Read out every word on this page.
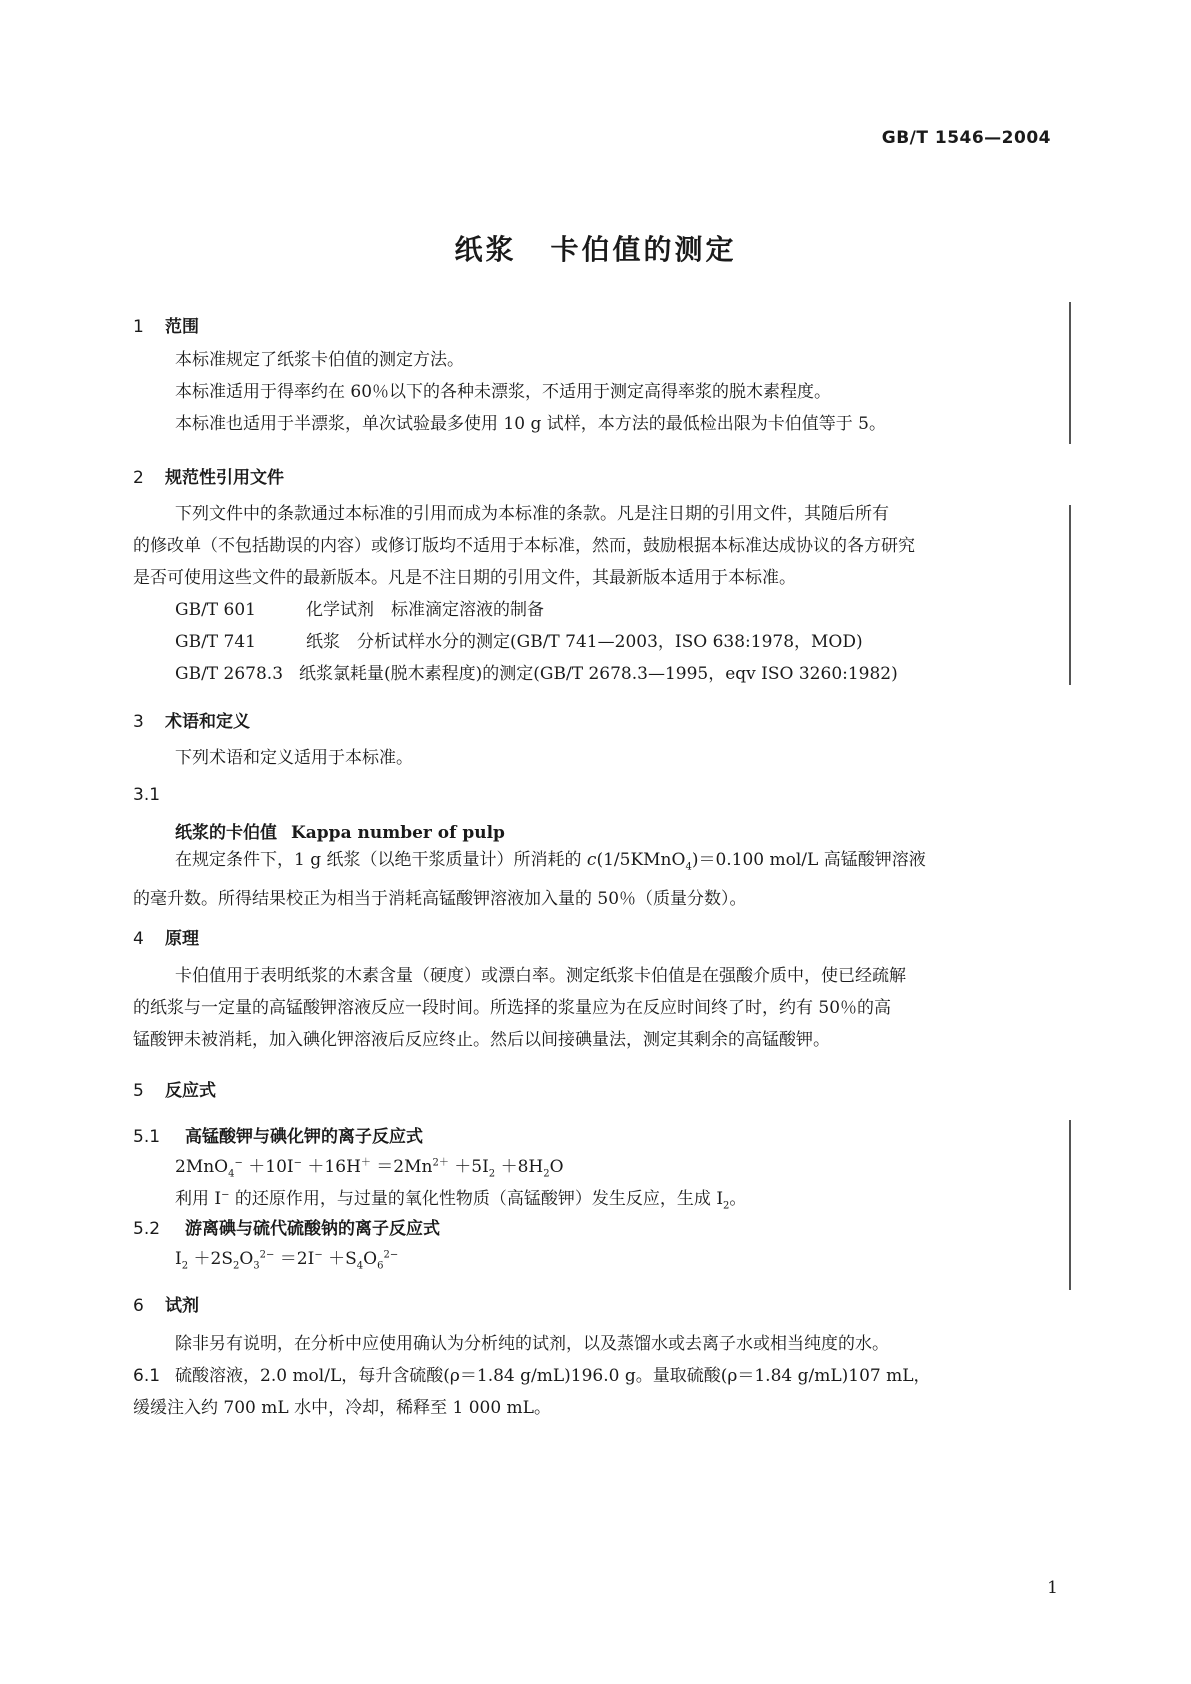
GB/T 1546—2004
纸浆 卡伯值的测定
1 范围
本标准规定了纸浆卡伯值的测定方法。
本标准适用于得率约在 60％以下的各种未漂浆，不适用于测定高得率浆的脱木素程度。
本标准也适用于半漂浆，单次试验最多使用 10 g 试样，本方法的最低检出限为卡伯值等于 5。
2 规范性引用文件
下列文件中的条款通过本标准的引用而成为本标准的条款。凡是注日期的引用文件，其随后所有
的修改单（不包括勘误的内容）或修订版均不适用于本标准，然而，鼓励根据本标准达成协议的各方研究
是否可使用这些文件的最新版本。凡是不注日期的引用文件，其最新版本适用于本标准。
GB/T 601	化学试剂　标准滴定溶液的制备
GB/T 741	纸浆　分析试样水分的测定(GB/T 741—2003，ISO 638:1978，MOD)
GB/T 2678.3 纸浆氯耗量(脱木素程度)的测定(GB/T 2678.3—1995，eqv ISO 3260:1982)
3 术语和定义
下列术语和定义适用于本标准。
3.1
纸浆的卡伯值 Kappa number of pulp
在规定条件下，1 g 纸浆（以绝干浆质量计）所消耗的 c(1/5KMnO$_4$)＝0.100 mol/L 高锰酸钾溶液
的毫升数。所得结果校正为相当于消耗高锰酸钾溶液加入量的 50％（质量分数）。
4 原理
卡伯值用于表明纸浆的木素含量（硬度）或漂白率。测定纸浆卡伯值是在强酸介质中，使已经疏解
的纸浆与一定量的高锰酸钾溶液反应一段时间。所选择的浆量应为在反应时间终了时，约有 50％的高
锰酸钾未被消耗，加入碘化钾溶液后反应终止。然后以间接碘量法，测定其剩余的高锰酸钾。
5 反应式
5.1 高锰酸钾与碘化钾的离子反应式
$2MnO_4^- +10I^- +16H^+ =2Mn^{2+} +5I_2 +8H_2O$
利用 I− 的还原作用，与过量的氧化性物质（高锰酸钾）发生反应，生成 $I_2$。
5.2 游离碘与硫代硫酸钠的离子反应式
$I_2 +2S_2O_3^{2-} =2I^- +S_4O_6^{2-}$
6 试剂
除非另有说明，在分析中应使用确认为分析纯的试剂，以及蒸馏水或去离子水或相当纯度的水。
6.1 硫酸溶液，2.0 mol/L，每升含硫酸(ρ＝1.84 g/mL)196.0 g。量取硫酸(ρ＝1.84 g/mL)107 mL，
缓缓注入约 700 mL 水中，冷却，稀释至 1 000 mL。
1
